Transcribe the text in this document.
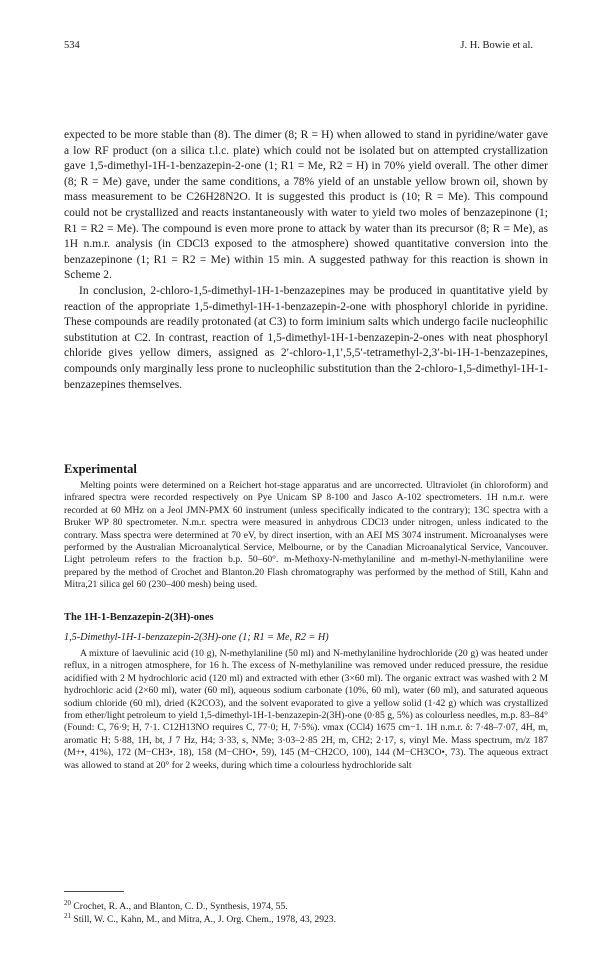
534	J. H. Bowie et al.

expected to be more stable than (8). The dimer (8; R = H) when allowed to stand in pyridine/water gave a low RF product (on a silica t.l.c. plate) which could not be isolated but on attempted crystallization gave 1,5-dimethyl-1H-1-benzazepin-2-one (1; R1 = Me, R2 = H) in 70% yield overall. The other dimer (8; R = Me) gave, under the same conditions, a 78% yield of an unstable yellow brown oil, shown by mass measurement to be C26H28N2O. It is suggested this product is (10; R = Me). This compound could not be crystallized and reacts instantaneously with water to yield two moles of benzazepinone (1; R1 = R2 = Me). The compound is even more prone to attack by water than its precursor (8; R = Me), as 1H n.m.r. analysis (in CDCl3 exposed to the atmosphere) showed quantitative conversion into the benzazepinone (1; R1 = R2 = Me) within 15 min. A suggested pathway for this reaction is shown in Scheme 2.

In conclusion, 2-chloro-1,5-dimethyl-1H-1-benzazepines may be produced in quantitative yield by reaction of the appropriate 1,5-dimethyl-1H-1-benzazepin-2-one with phosphoryl chloride in pyridine. These compounds are readily protonated (at C3) to form iminium salts which undergo facile nucleophilic substitution at C2. In contrast, reaction of 1,5-dimethyl-1H-1-benzazepin-2-ones with neat phosphoryl chloride gives yellow dimers, assigned as 2′-chloro-1,1′,5,5′-tetramethyl-2,3′-bi-1H-1-benzazepines, compounds only marginally less prone to nucleophilic substitution than the 2-chloro-1,5-dimethyl-1H-1-benzazepines themselves.

Experimental

Melting points were determined on a Reichert hot-stage apparatus and are uncorrected. Ultraviolet (in chloroform) and infrared spectra were recorded respectively on Pye Unicam SP 8-100 and Jasco A-102 spectrometers. 1H n.m.r. were recorded at 60 MHz on a Jeol JMN-PMX 60 instrument (unless specifically indicated to the contrary); 13C spectra with a Bruker WP 80 spectrometer. N.m.r. spectra were measured in anhydrous CDCl3 under nitrogen, unless indicated to the contrary. Mass spectra were determined at 70 eV, by direct insertion, with an AEI MS 3074 instrument. Microanalyses were performed by the Australian Microanalytical Service, Melbourne, or by the Canadian Microanalytical Service, Vancouver. Light petroleum refers to the fraction b.p. 50–60°. m-Methoxy-N-methylaniline and m-methyl-N-methylaniline were prepared by the method of Crochet and Blanton.20 Flash chromatography was performed by the method of Still, Kahn and Mitra,21 silica gel 60 (230–400 mesh) being used.

The 1H-1-Benzazepin-2(3H)-ones

1,5-Dimethyl-1H-1-benzazepin-2(3H)-one (1; R1 = Me, R2 = H)

A mixture of laevulinic acid (10 g), N-methylaniline (50 ml) and N-methylaniline hydrochloride (20 g) was heated under reflux, in a nitrogen atmosphere, for 16 h. The excess of N-methylaniline was removed under reduced pressure, the residue acidified with 2 M hydrochloric acid (120 ml) and extracted with ether (3×60 ml). The organic extract was washed with 2 M hydrochloric acid (2×60 ml), water (60 ml), aqueous sodium carbonate (10%, 60 ml), water (60 ml), and saturated aqueous sodium chloride (60 ml), dried (K2CO3), and the solvent evaporated to give a yellow solid (1·42 g) which was crystallized from ether/light petroleum to yield 1,5-dimethyl-1H-1-benzazepin-2(3H)-one (0·85 g, 5%) as colourless needles, m.p. 83–84° (Found: C, 76·9; H, 7·1. C12H13NO requires C, 77·0; H, 7·5%). νmax (CCl4) 1675 cm−1. 1H n.m.r. δ: 7·48–7·07, 4H, m, aromatic H; 5·88, 1H, bt, J 7 Hz, H4; 3·33, s, NMe; 3·03–2·85 2H, m, CH2; 2·17, s, vinyl Me. Mass spectrum, m/z 187 (M+•, 41%), 172 (M−CH3•, 18), 158 (M−CHO•, 59), 145 (M−CH2CO, 100), 144 (M−CH3CO•, 73). The aqueous extract was allowed to stand at 20° for 2 weeks, during which time a colourless hydrochloride salt

$^{20}$ Crochet, R. A., and Blanton, C. D., Synthesis, 1974, 55.

$^{21}$ Still, W. C., Kahn, M., and Mitra, A., J. Org. Chem., 1978, 43, 2923.
